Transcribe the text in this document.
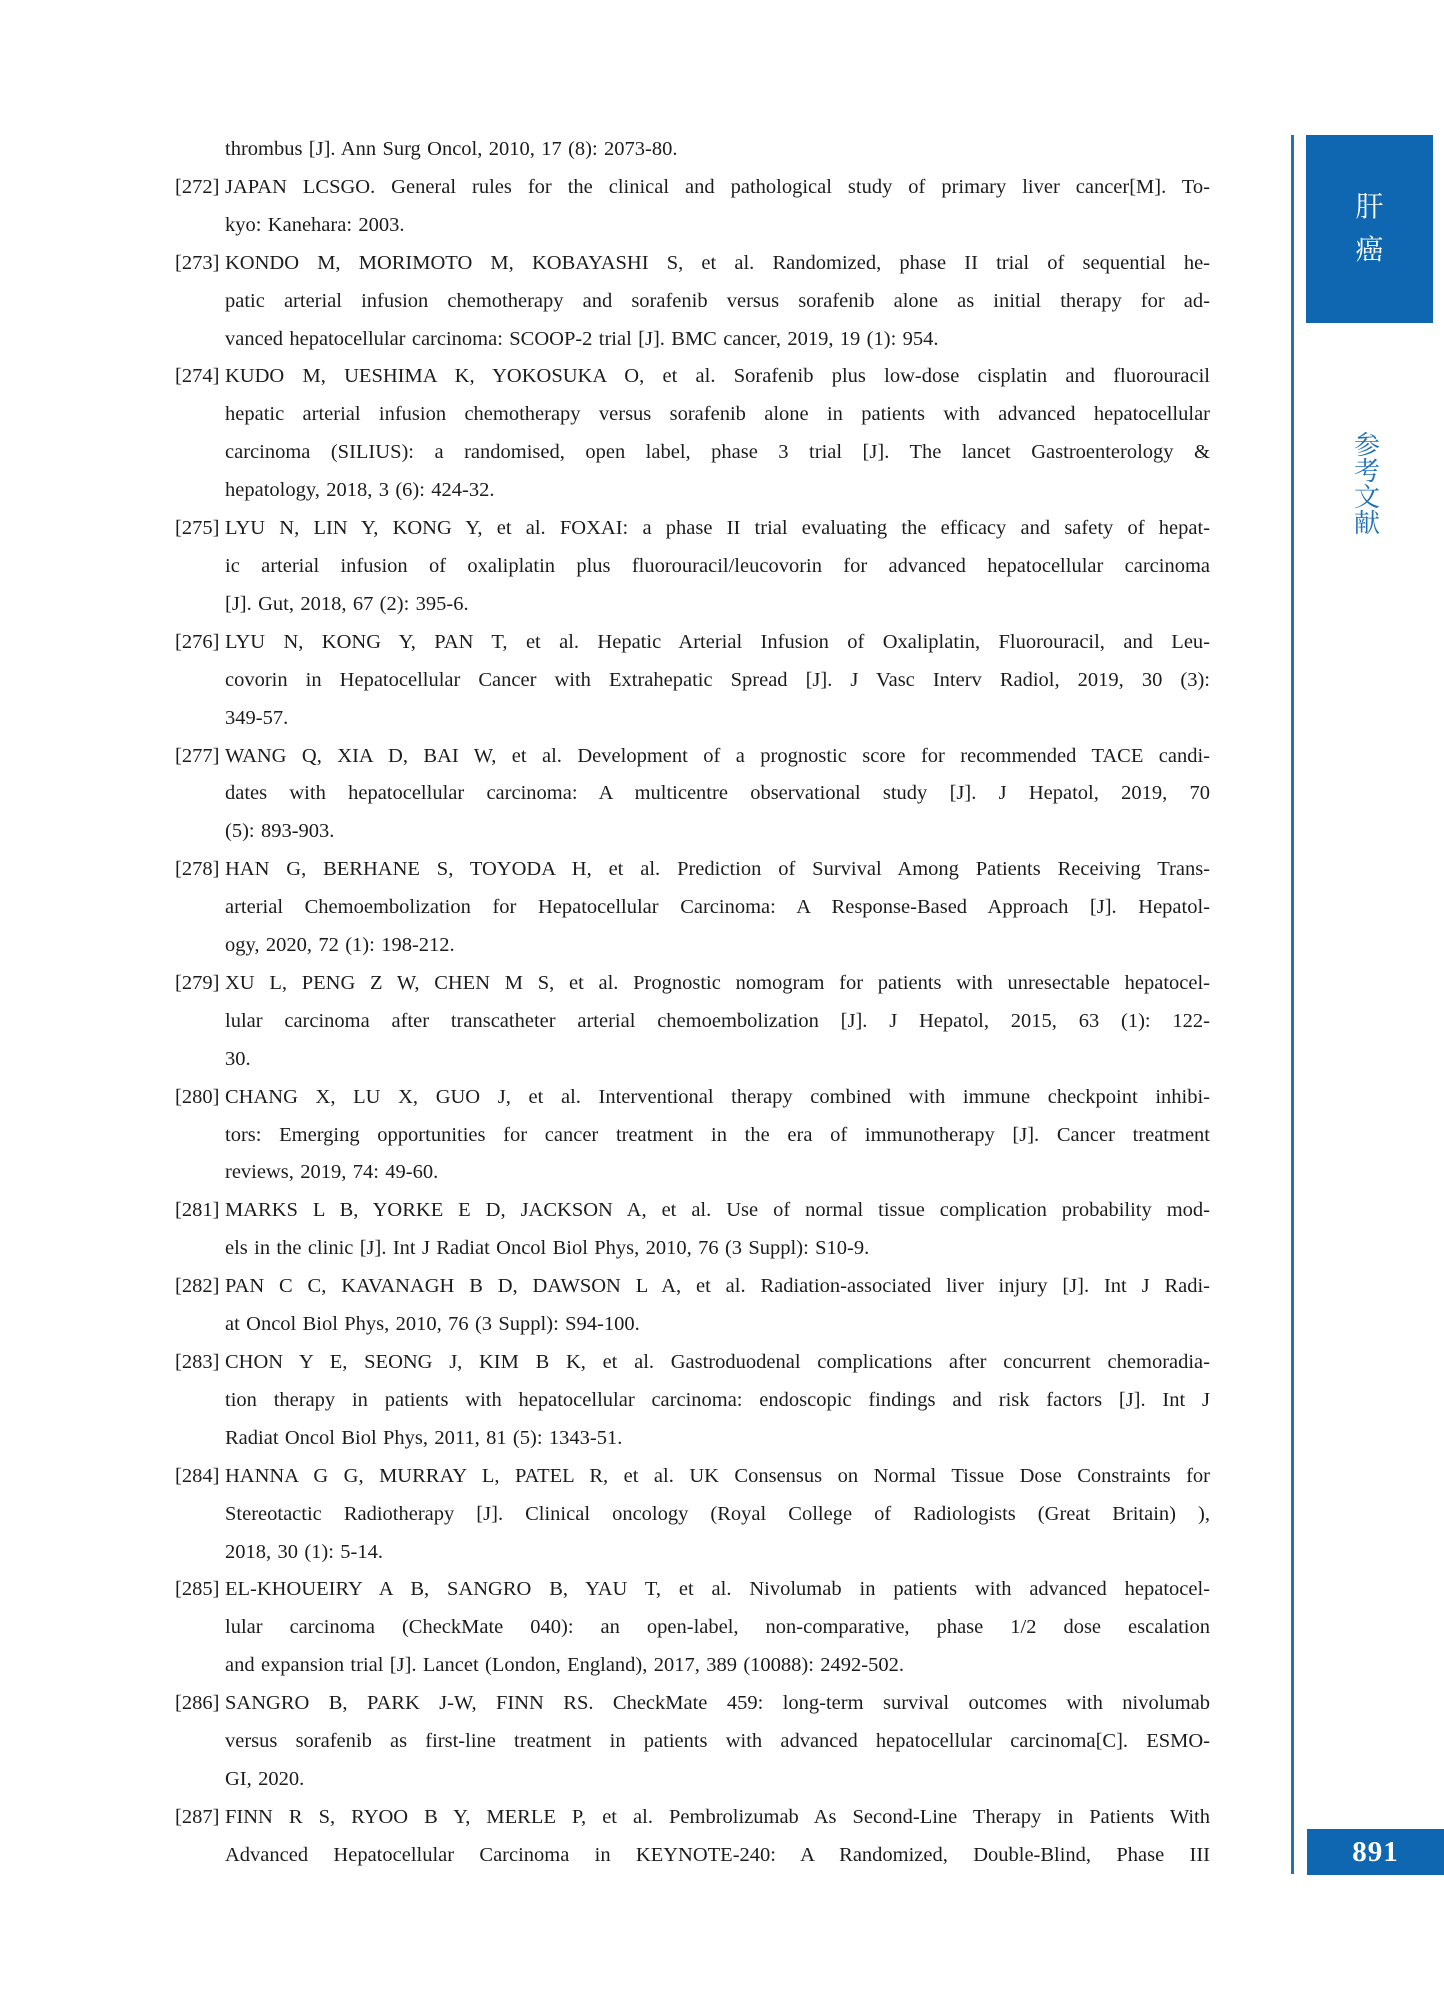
thrombus [J]. Ann Surg Oncol, 2010, 17 (8): 2073-80.
[272] JAPAN LCSGO. General rules for the clinical and pathological study of primary liver cancer[M]. To-
kyo: Kanehara: 2003.
[273] KONDO M, MORIMOTO M, KOBAYASHI S, et al. Randomized, phase II trial of sequential he-
patic arterial infusion chemotherapy and sorafenib versus sorafenib alone as initial therapy for ad-
vanced hepatocellular carcinoma: SCOOP-2 trial [J]. BMC cancer, 2019, 19 (1): 954.
[274] KUDO M, UESHIMA K, YOKOSUKA O, et al. Sorafenib plus low-dose cisplatin and fluorouracil
hepatic arterial infusion chemotherapy versus sorafenib alone in patients with advanced hepatocellular
carcinoma (SILIUS): a randomised, open label, phase 3 trial [J]. The lancet Gastroenterology &
hepatology, 2018, 3 (6): 424-32.
[275] LYU N, LIN Y, KONG Y, et al. FOXAI: a phase II trial evaluating the efficacy and safety of hepat-
ic arterial infusion of oxaliplatin plus fluorouracil/leucovorin for advanced hepatocellular carcinoma
[J]. Gut, 2018, 67 (2): 395-6.
[276] LYU N, KONG Y, PAN T, et al. Hepatic Arterial Infusion of Oxaliplatin, Fluorouracil, and Leu-
covorin in Hepatocellular Cancer with Extrahepatic Spread [J]. J Vasc Interv Radiol, 2019, 30 (3):
349-57.
[277] WANG Q, XIA D, BAI W, et al. Development of a prognostic score for recommended TACE candi-
dates with hepatocellular carcinoma: A multicentre observational study [J]. J Hepatol, 2019, 70
(5): 893-903.
[278] HAN G, BERHANE S, TOYODA H, et al. Prediction of Survival Among Patients Receiving Trans-
arterial Chemoembolization for Hepatocellular Carcinoma: A Response-Based Approach [J]. Hepatol-
ogy, 2020, 72 (1): 198-212.
[279] XU L, PENG Z W, CHEN M S, et al. Prognostic nomogram for patients with unresectable hepatocel-
lular carcinoma after transcatheter arterial chemoembolization [J]. J Hepatol, 2015, 63 (1): 122-
30.
[280] CHANG X, LU X, GUO J, et al. Interventional therapy combined with immune checkpoint inhibi-
tors: Emerging opportunities for cancer treatment in the era of immunotherapy [J]. Cancer treatment
reviews, 2019, 74: 49-60.
[281] MARKS L B, YORKE E D, JACKSON A, et al. Use of normal tissue complication probability mod-
els in the clinic [J]. Int J Radiat Oncol Biol Phys, 2010, 76 (3 Suppl): S10-9.
[282] PAN C C, KAVANAGH B D, DAWSON L A, et al. Radiation-associated liver injury [J]. Int J Radi-
at Oncol Biol Phys, 2010, 76 (3 Suppl): S94-100.
[283] CHON Y E, SEONG J, KIM B K, et al. Gastroduodenal complications after concurrent chemoradia-
tion therapy in patients with hepatocellular carcinoma: endoscopic findings and risk factors [J]. Int J
Radiat Oncol Biol Phys, 2011, 81 (5): 1343-51.
[284] HANNA G G, MURRAY L, PATEL R, et al. UK Consensus on Normal Tissue Dose Constraints for
Stereotactic Radiotherapy [J]. Clinical oncology (Royal College of Radiologists (Great Britain) ),
2018, 30 (1): 5-14.
[285] EL-KHOUEIRY A B, SANGRO B, YAU T, et al. Nivolumab in patients with advanced hepatocel-
lular carcinoma (CheckMate 040): an open-label, non-comparative, phase 1/2 dose escalation
and expansion trial [J]. Lancet (London, England), 2017, 389 (10088): 2492-502.
[286] SANGRO B, PARK J-W, FINN RS. CheckMate 459: long-term survival outcomes with nivolumab
versus sorafenib as first-line treatment in patients with advanced hepatocellular carcinoma[C]. ESMO-
GI, 2020.
[287] FINN R S, RYOO B Y, MERLE P, et al. Pembrolizumab As Second-Line Therapy in Patients With
Advanced Hepatocellular Carcinoma in KEYNOTE-240: A Randomized, Double-Blind, Phase III
肝
癌
参
考
文
献
891
